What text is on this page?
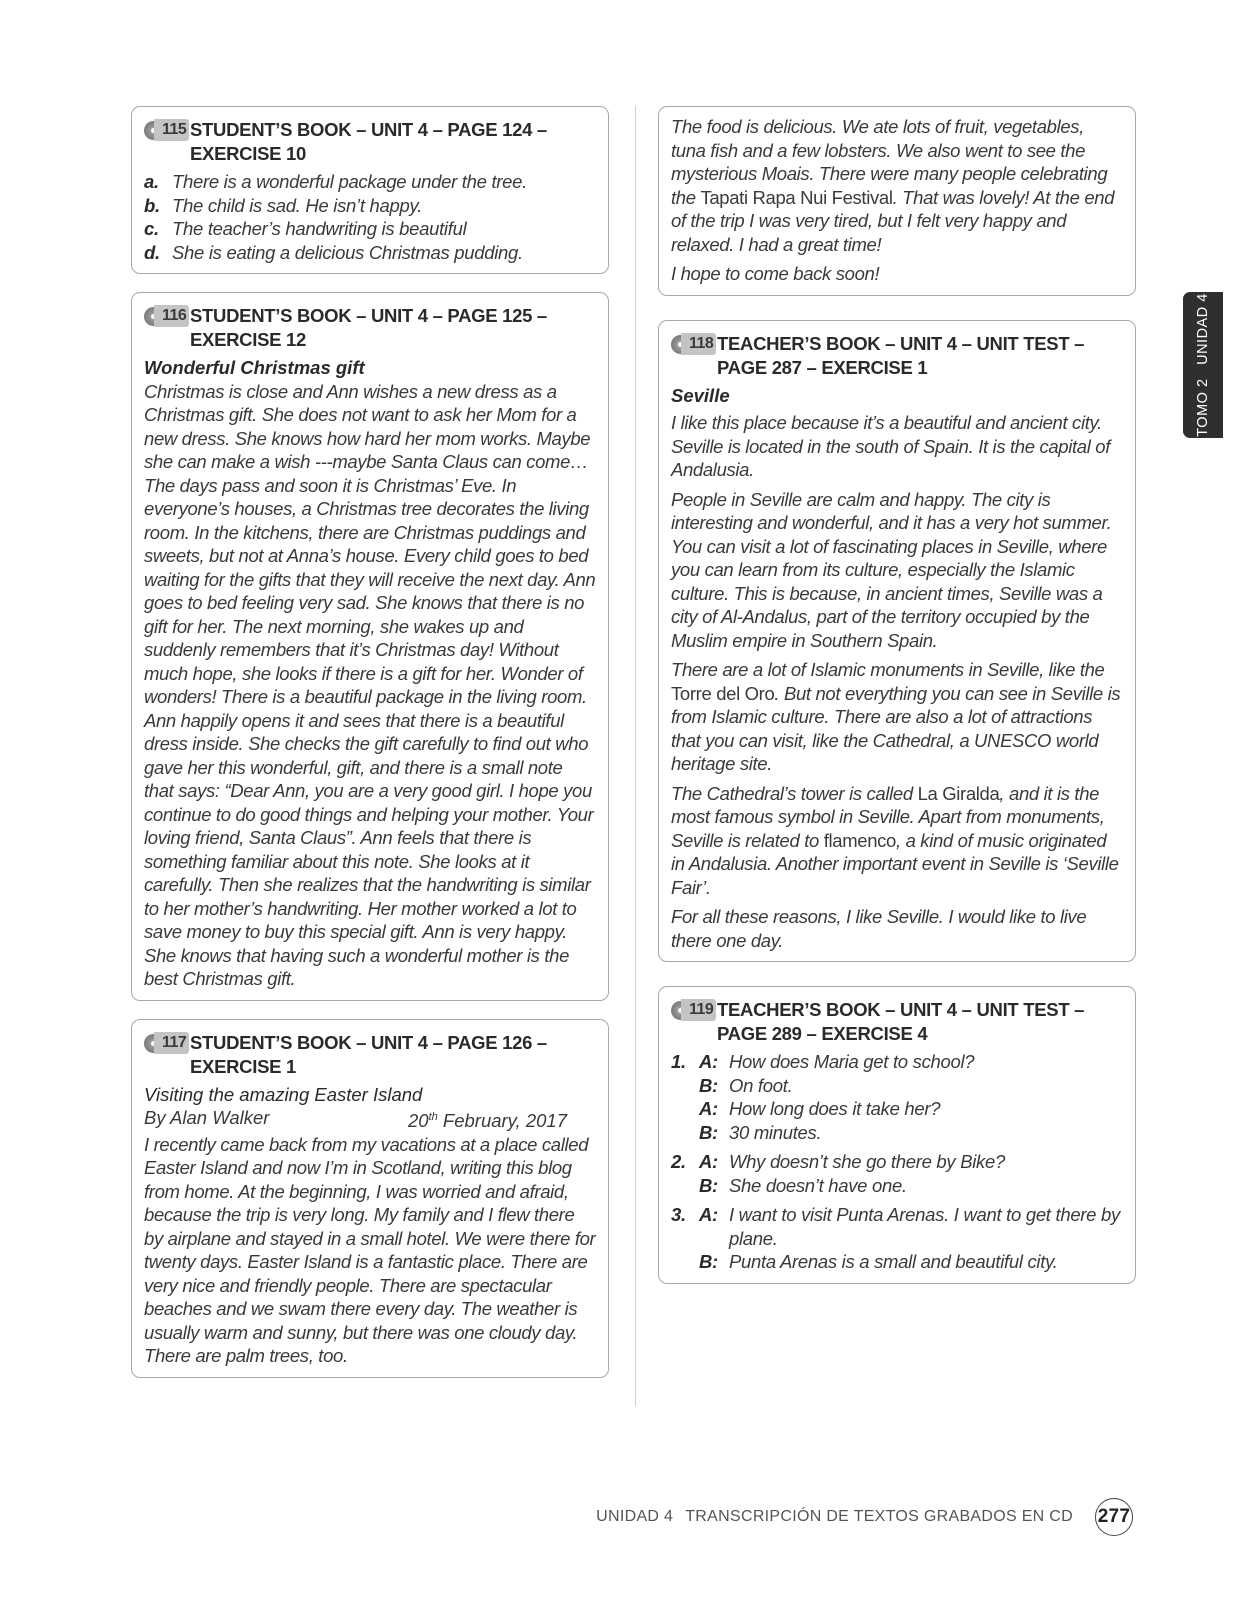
115 STUDENT’S BOOK – UNIT 4 – PAGE 124 – EXERCISE 10
a. There is a wonderful package under the tree.
b. The child is sad. He isn’t happy.
c. The teacher’s handwriting is beautiful
d. She is eating a delicious Christmas pudding.
116 STUDENT’S BOOK – UNIT 4 – PAGE 125 – EXERCISE 12
Wonderful Christmas gift

Christmas is close and Ann wishes a new dress as a Christmas gift. She does not want to ask her Mom for a new dress. She knows how hard her mom works. Maybe she can make a wish ---maybe Santa Claus can come… The days pass and soon it is Christmas’ Eve. In everyone’s houses, a Christmas tree decorates the living room. In the kitchens, there are Christmas puddings and sweets, but not at Anna’s house. Every child goes to bed waiting for the gifts that they will receive the next day. Ann goes to bed feeling very sad. She knows that there is no gift for her. The next morning, she wakes up and suddenly remembers that it’s Christmas day! Without much hope, she looks if there is a gift for her. Wonder of wonders! There is a beautiful package in the living room. Ann happily opens it and sees that there is a beautiful dress inside. She checks the gift carefully to find out who gave her this wonderful, gift, and there is a small note that says: “Dear Ann, you are a very good girl. I hope you continue to do good things and helping your mother. Your loving friend, Santa Claus”. Ann feels that there is something familiar about this note. She looks at it carefully. Then she realizes that the handwriting is similar to her mother’s handwriting. Her mother worked a lot to save money to buy this special gift. Ann is very happy. She knows that having such a wonderful mother is the best Christmas gift.

117 STUDENT’S BOOK – UNIT 4 – PAGE 126 – EXERCISE 1
Visiting the amazing Easter Island
By Alan Walker	20th February, 2017

I recently came back from my vacations at a place called Easter Island and now I’m in Scotland, writing this blog from home. At the beginning, I was worried and afraid, because the trip is very long. My family and I flew there by airplane and stayed in a small hotel. We were there for twenty days. Easter Island is a fantastic place. There are very nice and friendly people. There are spectacular beaches and we swam there every day. The weather is usually warm and sunny, but there was one cloudy day. There are palm trees, too.

The food is delicious. We ate lots of fruit, vegetables, tuna fish and a few lobsters. We also went to see the mysterious Moais. There were many people celebrating the Tapati Rapa Nui Festival. That was lovely! At the end of the trip I was very tired, but I felt very happy and relaxed. I had a great time!

I hope to come back soon!

118 TEACHER’S BOOK – UNIT 4 – UNIT TEST – PAGE 287 – EXERCISE 1
Seville

I like this place because it’s a beautiful and ancient city. Seville is located in the south of Spain. It is the capital of Andalusia.

People in Seville are calm and happy. The city is interesting and wonderful, and it has a very hot summer. You can visit a lot of fascinating places in Seville, where you can learn from its culture, especially the Islamic culture. This is because, in ancient times, Seville was a city of Al-Andalus, part of the territory occupied by the Muslim empire in Southern Spain.

There are a lot of Islamic monuments in Seville, like the Torre del Oro. But not everything you can see in Seville is from Islamic culture. There are also a lot of attractions that you can visit, like the Cathedral, a UNESCO world heritage site.

The Cathedral’s tower is called La Giralda, and it is the most famous symbol in Seville. Apart from monuments, Seville is related to flamenco, a kind of music originated in Andalusia. Another important event in Seville is ‘Seville Fair’.

For all these reasons, I like Seville. I would like to live there one day.

119 TEACHER’S BOOK – UNIT 4 – UNIT TEST – PAGE 289 – EXERCISE 4
1. A: How does Maria get to school?
B: On foot.
A: How long does it take her?
B: 30 minutes.
2. A: Why doesn’t she go there by Bike?
B: She doesn’t have one.
3. A: I want to visit Punta Arenas. I want to get there by plane.
B: Punta Arenas is a small and beautiful city.
TOMO 2   UNIDAD 4
UNIDAD 4 TRANSCRIPCIÓN DE TEXTOS GRABADOS EN CD 277
